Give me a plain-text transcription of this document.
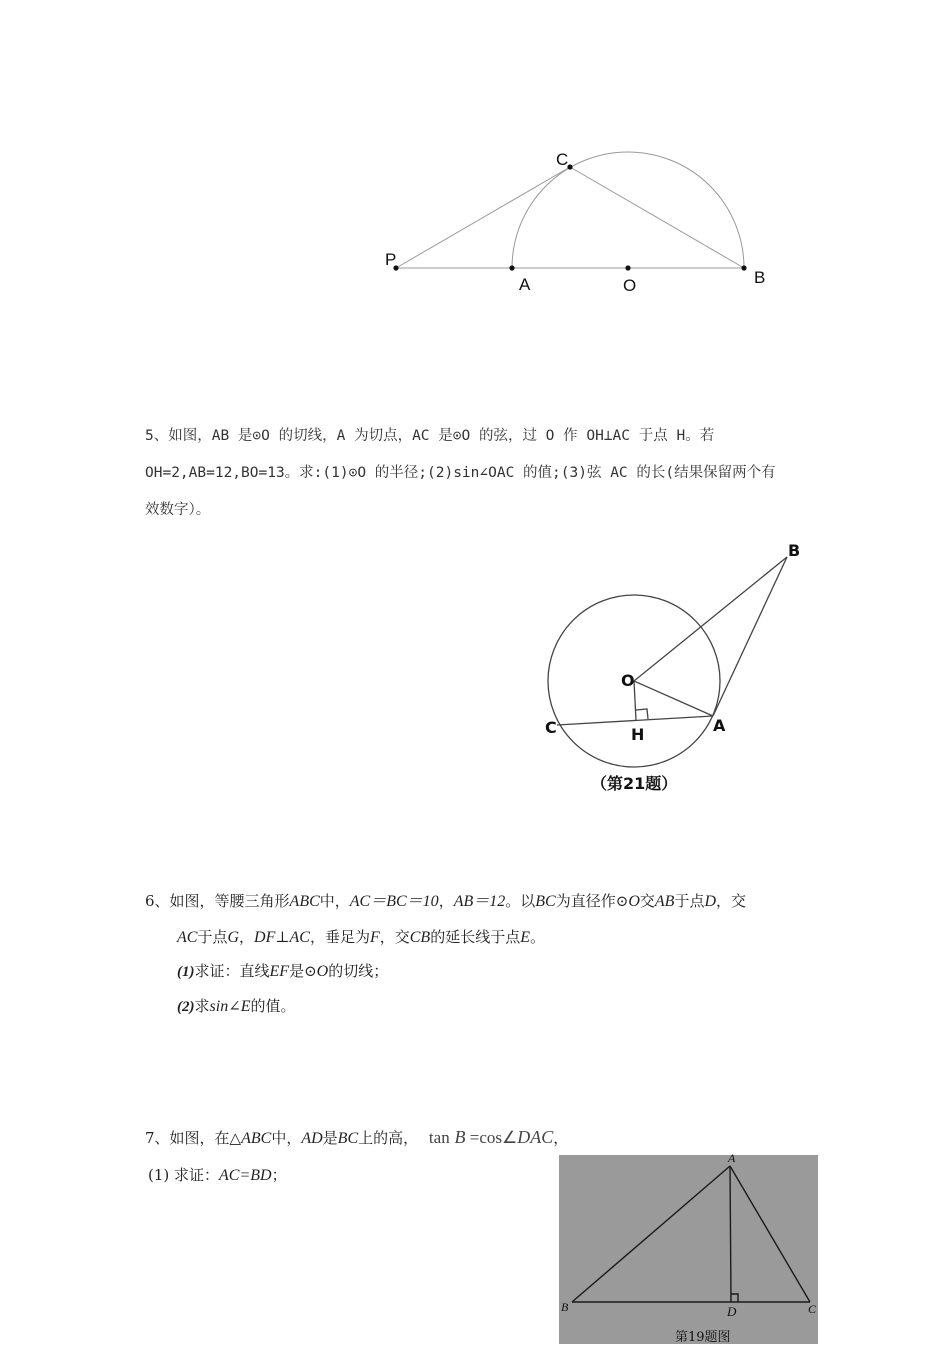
C
P
A	O	B
5、如图，AB 是⊙O 的切线，A 为切点，AC 是⊙O 的弦，过 O 作 OH⊥AC 于点 H。若
OH=2,AB=12,BO=13。求:(1)⊙O 的半径;(2)sin∠OAC 的值;(3)弦 AC 的长(结果保留两个有
效数字）。
B
O
C	H	A
（第21题）
6、如图，等腰三角形ABC中，AC＝BC＝10，AB＝12。以BC为直径作⊙O交AB于点D，交
AC于点G，DF⊥AC，垂足为F，交CB的延长线于点E。
(1)求证：直线EF是⊙O的切线；
(2)求sin∠E的值。
7、如图，在△ABC中，AD是BC上的高， tan B =cos∠DAC，
(1) 求证：AC=BD；
A
B	D	C
第19题图
